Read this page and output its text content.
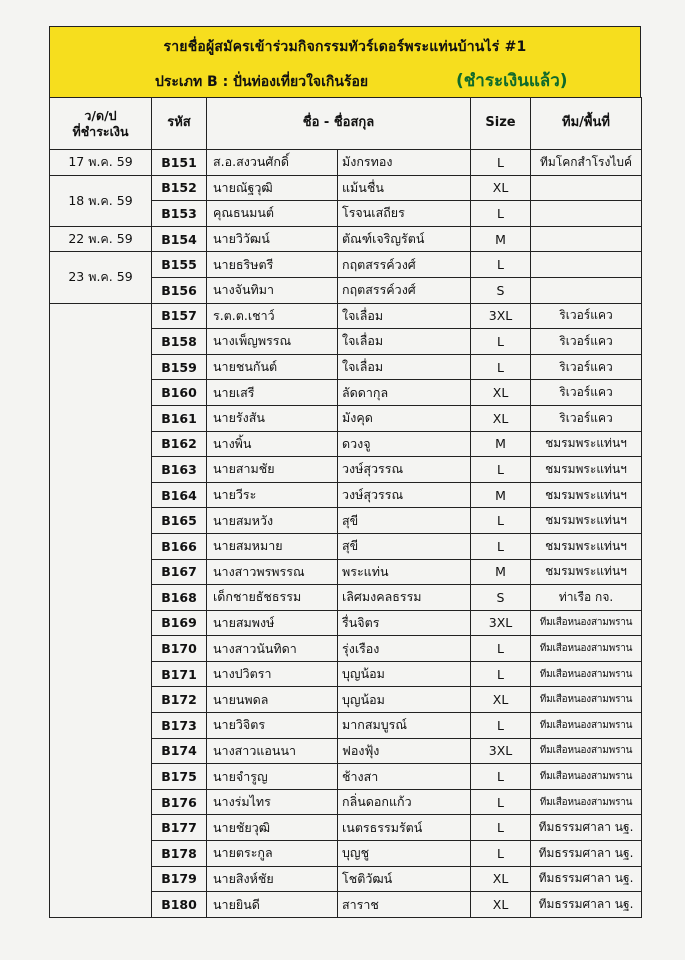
รายชื่อผู้สมัครเข้าร่วมกิจกรรมทัวร์เดอร์พระแท่นบ้านไร่ #1
ประเภท B : ปั่นท่องเที่ยวใจเกินร้อย	(ชำระเงินแล้ว)
ว/ด/ป
ที่ชำระเงิน	รหัส	ชื่อ - ชื่อสกุล		Size	ทีม/พื้นที่
17 พ.ค. 59	B151	ส.อ.สงวนศักดิ์	มังกรทอง	L	ทีมโคกสำโรงไบค์
18 พ.ค. 59	B152	นายณัฐวุฒิ	แม้นชื่น	XL	
	B153	คุณธนมนต์	โรจนเสถียร	L	
22 พ.ค. 59	B154	นายวิวัฒน์	ตัณฑ์เจริญรัตน์	M	
23 พ.ค. 59	B155	นายธริษตรี	กฤตสรรค์วงศ์	L	
	B156	นางจันทิมา	กฤตสรรค์วงศ์	S	
	B157	ร.ต.ต.เชาว์	ใจเลื่อม	3XL	ริเวอร์แคว
	B158	นางเพ็ญพรรณ	ใจเลื่อม	L	ริเวอร์แคว
	B159	นายชนกันต์	ใจเลื่อม	L	ริเวอร์แคว
	B160	นายเสรี	ลัดดากุล	XL	ริเวอร์แคว
	B161	นายรังสัน	มังคุด	XL	ริเวอร์แคว
	B162	นางพิ้น	ดวงจู	M	ชมรมพระแท่นฯ
	B163	นายสามชัย	วงษ์สุวรรณ	L	ชมรมพระแท่นฯ
	B164	นายวีระ	วงษ์สุวรรณ	M	ชมรมพระแท่นฯ
	B165	นายสมหวัง	สุขี	L	ชมรมพระแท่นฯ
	B166	นายสมหมาย	สุขี	L	ชมรมพระแท่นฯ
	B167	นางสาวพรพรรณ	พระแท่น	M	ชมรมพระแท่นฯ
	B168	เด็กชายธัชธรรม	เลิศมงคลธรรม	S	ท่าเรือ กจ.
	B169	นายสมพงษ์	รื่นจิตร	3XL	ทีมเสือหนองสามพราน
	B170	นางสาวนันทิดา	รุ่งเรือง	L	ทีมเสือหนองสามพราน
	B171	นางปวิตรา	บุญน้อม	L	ทีมเสือหนองสามพราน
	B172	นายนพดล	บุญน้อม	XL	ทีมเสือหนองสามพราน
	B173	นายวิจิตร	มากสมบูรณ์	L	ทีมเสือหนองสามพราน
	B174	นางสาวแอนนา	ฟองฟุ้ง	3XL	ทีมเสือหนองสามพราน
	B175	นายจำรูญ	ช้างสา	L	ทีมเสือหนองสามพราน
	B176	นางร่มไทร	กลิ่นดอกแก้ว	L	ทีมเสือหนองสามพราน
	B177	นายชัยวุฒิ	เนตรธรรมรัตน์	L	ทีมธรรมศาลา นฐ.
	B178	นายตระกูล	บุญชู	L	ทีมธรรมศาลา นฐ.
	B179	นายสิงห์ชัย	โชติวัฒน์	XL	ทีมธรรมศาลา นฐ.
	B180	นายยินดี	สาราช	XL	ทีมธรรมศาลา นฐ.
